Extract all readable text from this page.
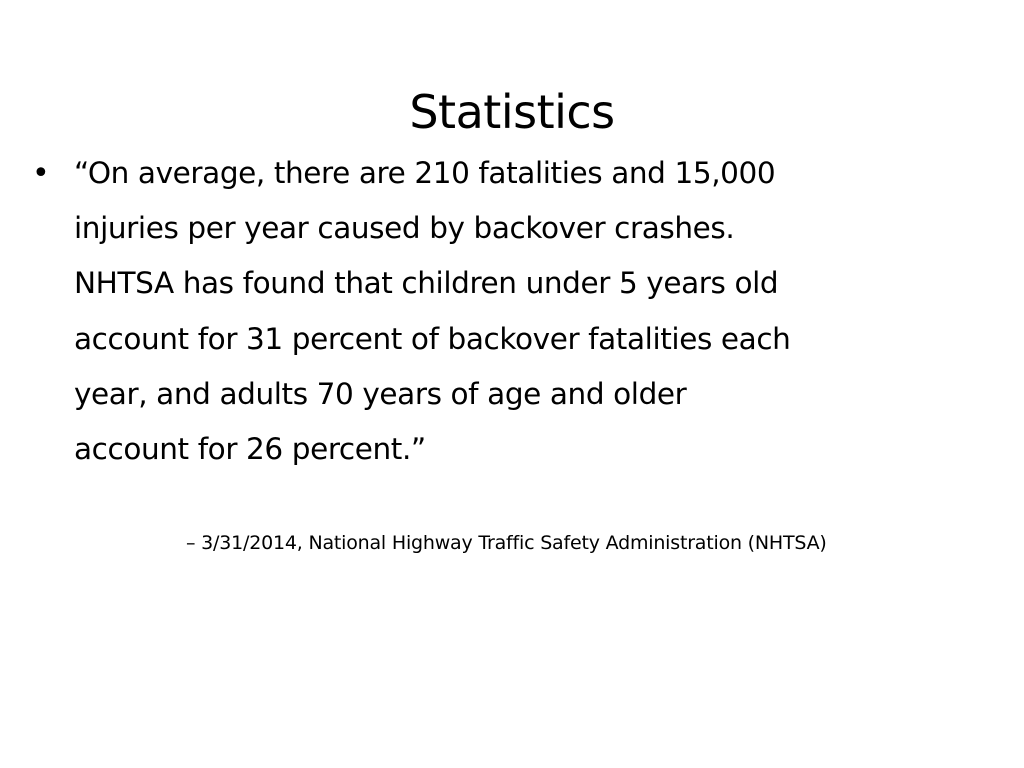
Statistics
• “On average, there are 210 fatalities and 15,000
injuries per year caused by backover crashes.
NHTSA has found that children under 5 years old
account for 31 percent of backover fatalities each
year, and adults 70 years of age and older
account for 26 percent.”
– 3/31/2014, National Highway Traffic Safety Administration (NHTSA)
